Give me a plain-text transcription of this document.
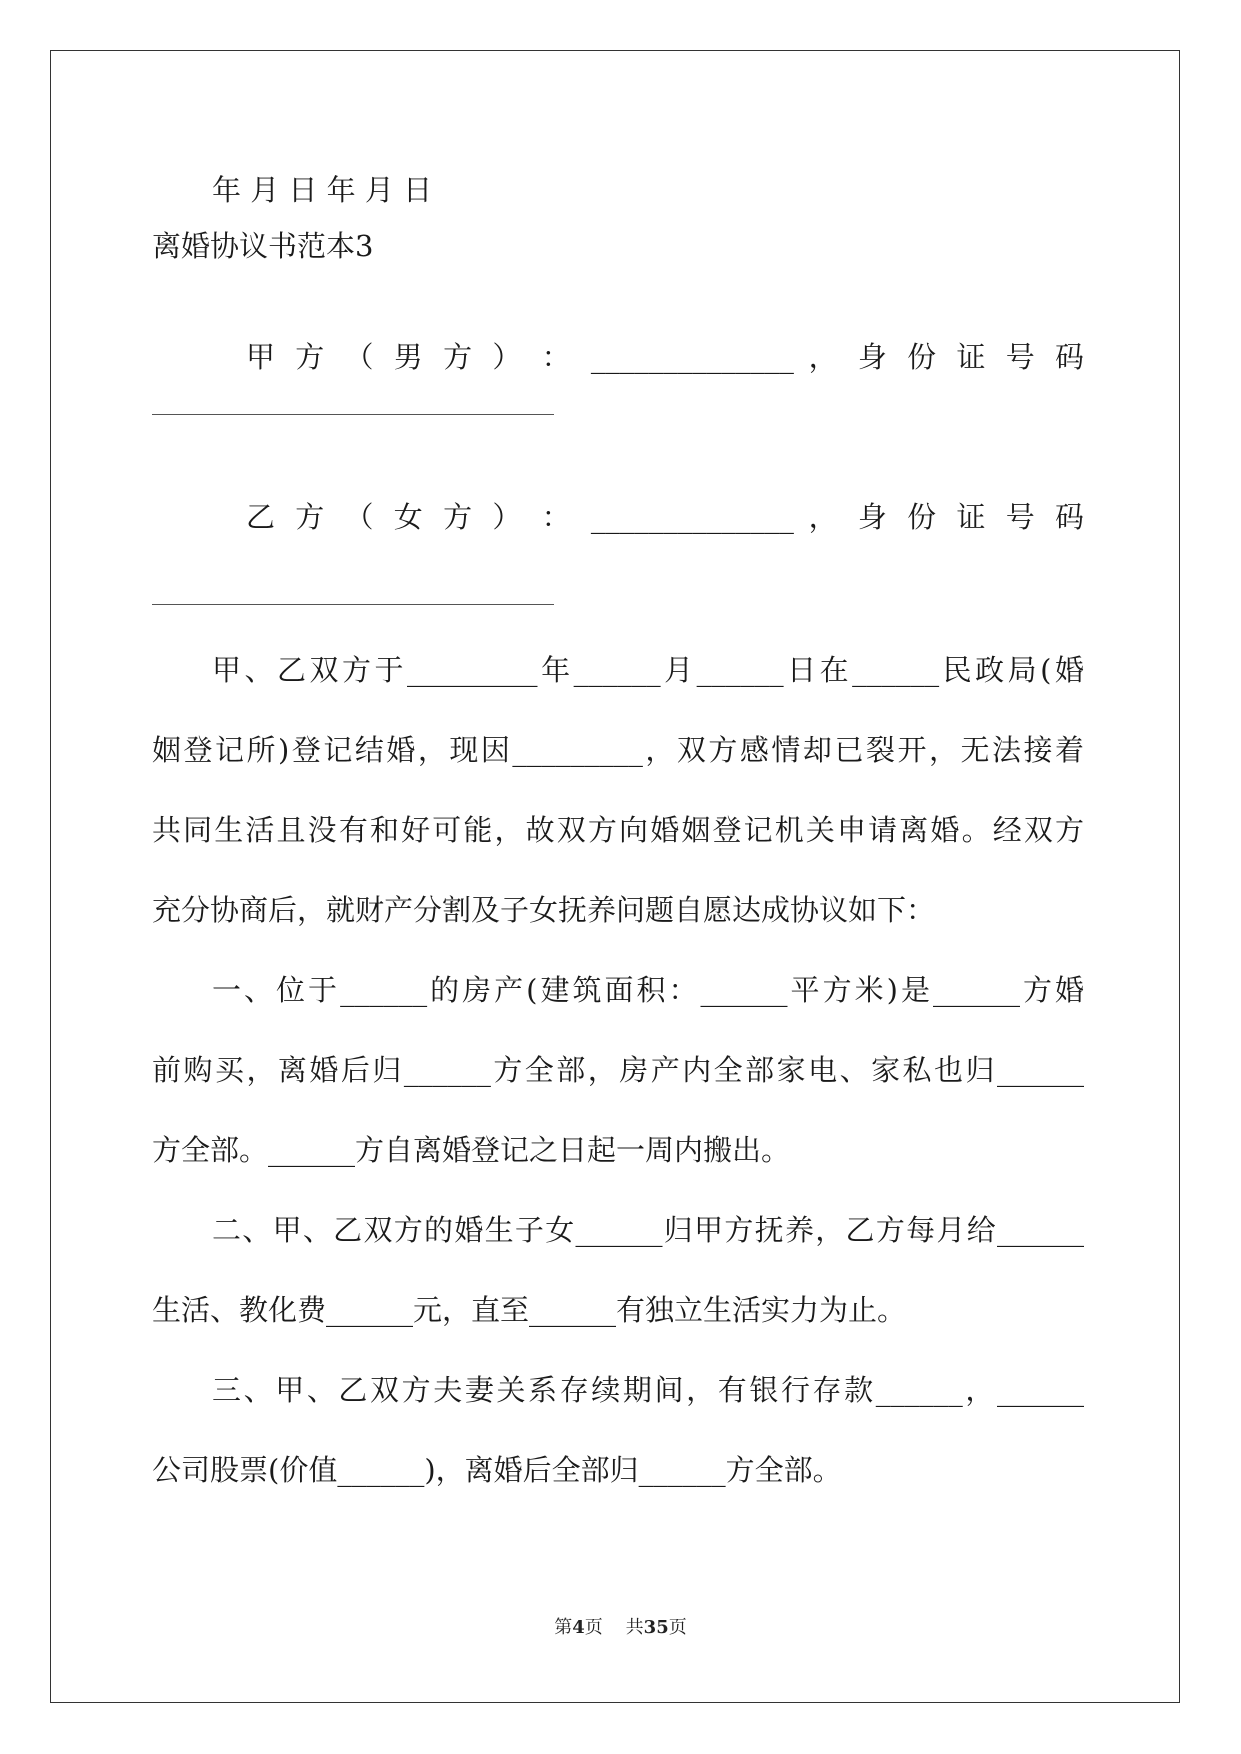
年 月 日 年 月 日
离婚协议书范本3
甲 方 （ 男 方 ） ： ______________ ， 身 份 证 号 码
乙 方 （ 女 方 ） ： ______________ ， 身 份 证 号 码
甲、乙双方于_________年______月______日在______民政局(婚
姻登记所)登记结婚，现因_________，双方感情却已裂开，无法接着
共同生活且没有和好可能，故双方向婚姻登记机关申请离婚。经双方
充分协商后，就财产分割及子女抚养问题自愿达成协议如下：
一、位于______的房产(建筑面积：______平方米)是______方婚
前购买，离婚后归______方全部，房产内全部家电、家私也归______
方全部。______方自离婚登记之日起一周内搬出。
二、甲、乙双方的婚生子女______归甲方抚养，乙方每月给______
生活、教化费______元，直至______有独立生活实力为止。
三、甲、乙双方夫妻关系存续期间，有银行存款______，______
公司股票(价值______)，离婚后全部归______方全部。
第4页 共35页
